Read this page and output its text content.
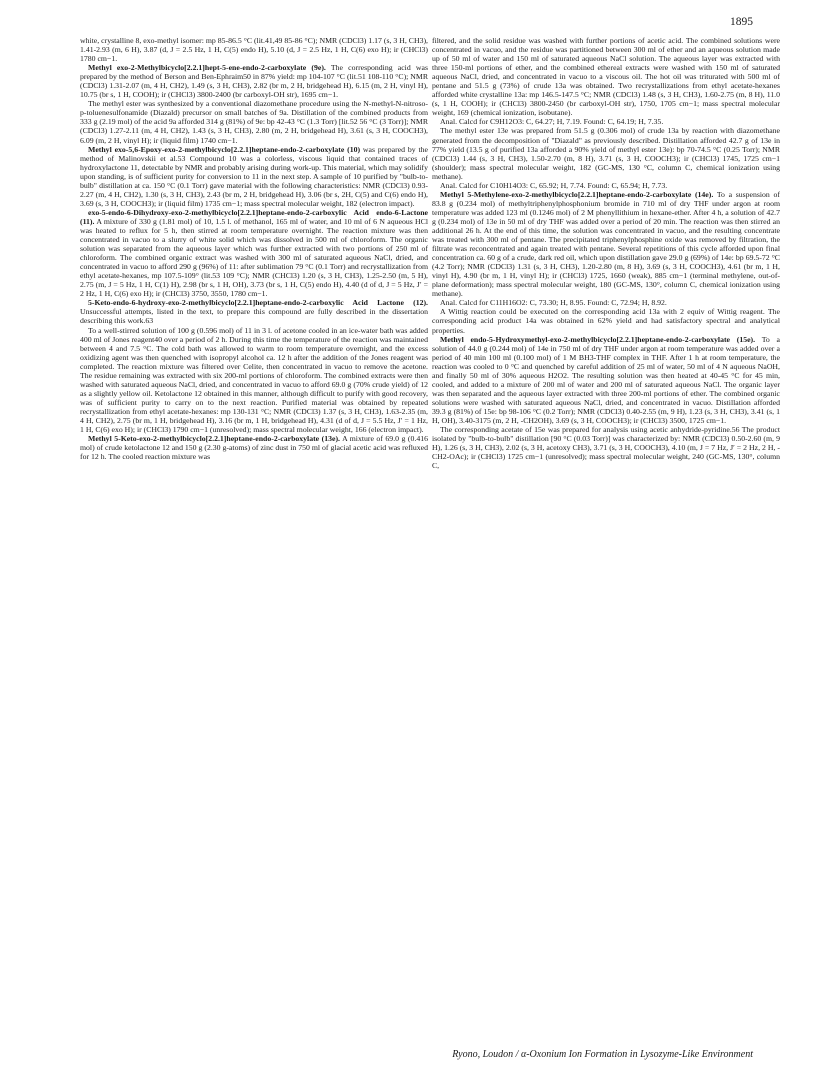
1895

white, crystalline 8, exo-methyl isomer: mp 85-86.5 °C (lit.41,49 85-86 °C); NMR (CDCl3) 1.17 (s, 3 H, CH3), 1.41-2.93 (m, 6 H), 3.87 (d, J = 2.5 Hz, 1 H, C(5) endo H), 5.10 (d, J = 2.5 Hz, 1 H, C(6) exo H); ir (CHCl3) 1780 cm−1.

Methyl exo-2-Methylbicyclo[2.2.1]hept-5-ene-endo-2-carboxylate (9e). The corresponding acid was prepared by the method of Berson and Ben-Ephraim50 in 87% yield: mp 104-107 °C (lit.51 108-110 °C); NMR (CDCl3) 1.31-2.07 (m, 4 H, CH2), 1.49 (s, 3 H, CH3), 2.82 (br m, 2 H, bridgehead H), 6.15 (m, 2 H, vinyl H), 10.75 (br s, 1 H, COOH); ir (CHCl3) 3800-2400 (br carboxyl-OH str), 1695 cm−1.

The methyl ester was synthesized by a conventional diazomethane procedure using the N-methyl-N-nitroso-p-toluenesulfonamide (Diazald) precursor on small batches of 9a. Distillation of the combined products from 333 g (2.19 mol) of the acid 9a afforded 314 g (81%) of 9e: bp 42-43 °C (1.3 Torr) [lit.52 56 °C (3 Torr)]; NMR (CDCl3) 1.27-2.11 (m, 4 H, CH2), 1.43 (s, 3 H, CH3), 2.80 (m, 2 H, bridgehead H), 3.61 (s, 3 H, COOCH3), 6.09 (m, 2 H, vinyl H); ir (liquid film) 1740 cm−1.

Methyl exo-5,6-Epoxy-exo-2-methylbicyclo[2.2.1]heptane-endo-2-carboxylate (10) was prepared by the method of Malinovskii et al.53 Compound 10 was a colorless, viscous liquid that contained traces of hydroxylactone 11, detectable by NMR and probably arising during work-up. This material, which may solidify upon standing, is of sufficient purity for conversion to 11 in the next step. A sample of 10 purified by "bulb-to-bulb" distillation at ca. 150 °C (0.1 Torr) gave material with the following characteristics: NMR (CDCl3) 0.93-2.27 (m, 4 H, CH2), 1.30 (s, 3 H, CH3), 2.43 (br m, 2 H, bridgehead H), 3.06 (br s, 2H, C(5) and C(6) endo H), 3.69 (s, 3 H, COOCH3); ir (liquid film) 1735 cm−1; mass spectral molecular weight, 182 (electron impact).

exo-5-endo-6-Dihydroxy-exo-2-methylbicyclo[2.2.1]heptane-endo-2-carboxylic Acid endo-6-Lactone (11). A mixture of 330 g (1.81 mol) of 10, 1.5 l. of methanol, 165 ml of water, and 10 ml of 6 N aqueous HCl was heated to reflux for 5 h, then stirred at room temperature overnight. The reaction mixture was then concentrated in vacuo to a slurry of white solid which was dissolved in 500 ml of chloroform. The organic solution was separated from the aqueous layer which was further extracted with two portions of 250 ml of chloroform. The combined organic extract was washed with 300 ml of saturated aqueous NaCl, dried, and concentrated in vacuo to afford 290 g (96%) of 11: after sublimation 79 °C (0.1 Torr) and recrystallization from ethyl acetate-hexanes, mp 107.5-109° (lit.53 109 °C); NMR (CHCl3) 1.20 (s, 3 H, CH3), 1.25-2.50 (m, 5 H), 2.75 (m, J = 5 Hz, 1 H, C(1) H), 2.98 (br s, 1 H, OH), 3.73 (br s, 1 H, C(5) endo H), 4.40 (d of d, J = 5 Hz, J′ = 2 Hz, 1 H, C(6) exo H); ir (CHCl3) 3750, 3550, 1780 cm−1.

5-Keto-endo-6-hydroxy-exo-2-methylbicyclo[2.2.1]heptane-endo-2-carboxylic Acid Lactone (12). Unsuccessful attempts, listed in the text, to prepare this compound are fully described in the dissertation describing this work.63

To a well-stirred solution of 100 g (0.596 mol) of 11 in 3 l. of acetone cooled in an ice-water bath was added 400 ml of Jones reagent40 over a period of 2 h. During this time the temperature of the reaction was maintained between 4 and 7.5 °C. The cold bath was allowed to warm to room temperature overnight, and the excess oxidizing agent was then quenched with isopropyl alcohol ca. 12 h after the addition of the Jones reagent was completed. The reaction mixture was filtered over Celite, then concentrated in vacuo to remove the acetone. The residue remaining was extracted with six 200-ml portions of chloroform. The combined extracts were then washed with saturated aqueous NaCl, dried, and concentrated in vacuo to afford 69.0 g (70% crude yield) of 12 as a slightly yellow oil. Ketolactone 12 obtained in this manner, although difficult to purify with good recovery, was of sufficient purity to carry on to the next reaction. Purified material was obtained by repeated recrystallization from ethyl acetate-hexanes: mp 130-131 °C; NMR (CDCl3) 1.37 (s, 3 H, CH3), 1.63-2.35 (m, 4 H, CH2), 2.75 (br m, 1 H, bridgehead H), 3.16 (br m, 1 H, bridgehead H), 4.31 (d of d, J = 5.5 Hz, J′ = 1 Hz, 1 H, C(6) exo H); ir (CHCl3) 1790 cm−1 (unresolved); mass spectral molecular weight, 166 (electron impact).

Methyl 5-Keto-exo-2-methylbicyclo[2.2.1]heptane-endo-2-carboxylate (13e). A mixture of 69.0 g (0.416 mol) of crude ketolactone 12 and 150 g (2.30 g-atoms) of zinc dust in 750 ml of glacial acetic acid was refluxed for 12 h. The cooled reaction mixture was

filtered, and the solid residue was washed with further portions of acetic acid. The combined solutions were concentrated in vacuo, and the residue was partitioned between 300 ml of ether and an aqueous solution made up of 50 ml of water and 150 ml of saturated aqueous NaCl solution. The aqueous layer was extracted with three 150-ml portions of ether, and the combined ethereal extracts were washed with 150 ml of saturated aqueous NaCl, dried, and concentrated in vacuo to a viscous oil. The hot oil was triturated with 500 ml of pentane and 51.5 g (73%) of crude 13a was obtained. Two recrystallizations from ethyl acetate-hexanes afforded white crystalline 13a: mp 146.5-147.5 °C; NMR (CDCl3) 1.48 (s, 3 H, CH3), 1.60-2.75 (m, 8 H), 11.0 (s, 1 H, COOH); ir (CHCl3) 3800-2450 (br carboxyl-OH str), 1750, 1705 cm−1; mass spectral molecular weight, 169 (chemical ionization, isobutane).

Anal. Calcd for C9H12O3: C, 64.27; H, 7.19. Found: C, 64.19; H, 7.35.

The methyl ester 13e was prepared from 51.5 g (0.306 mol) of crude 13a by reaction with diazomethane generated from the decomposition of "Diazald" as previously described. Distillation afforded 42.7 g of 13e in 77% yield (13.5 g of purified 13a afforded a 90% yield of methyl ester 13e): bp 70-74.5 °C (0.25 Torr); NMR (CDCl3) 1.44 (s, 3 H, CH3), 1.50-2.70 (m, 8 H), 3.71 (s, 3 H, COOCH3); ir (CHCl3) 1745, 1725 cm−1 (shoulder); mass spectral molecular weight, 182 (GC-MS, 130 °C, column C, chemical ionization using methane).

Anal. Calcd for C10H14O3: C, 65.92; H, 7.74. Found: C, 65.94; H, 7.73.

Methyl 5-Methylene-exo-2-methylbicyclo[2.2.1]heptane-endo-2-carboxylate (14e). To a suspension of 83.8 g (0.234 mol) of methyltriphenylphosphonium bromide in 710 ml of dry THF under argon at room temperature was added 123 ml (0.1246 mol) of 2 M phenyllithium in hexane-ether. After 4 h, a solution of 42.7 g (0.234 mol) of 13e in 50 ml of dry THF was added over a period of 20 min. The reaction was then stirred an additional 26 h. At the end of this time, the solution was concentrated in vacuo, and the resulting concentrate was treated with 300 ml of pentane. The precipitated triphenylphosphine oxide was removed by filtration, the filtrate was reconcentrated and again treated with pentane. Several repetitions of this cycle afforded upon final concentration ca. 60 g of a crude, dark red oil, which upon distillation gave 29.0 g (69%) of 14e: bp 69.5-72 °C (4.2 Torr); NMR (CDCl3) 1.31 (s, 3 H, CH3), 1.20-2.80 (m, 8 H), 3.69 (s, 3 H, COOCH3), 4.61 (br m, 1 H, vinyl H), 4.90 (br m, 1 H, vinyl H); ir (CHCl3) 1725, 1660 (weak), 885 cm−1 (terminal methylene, out-of-plane deformation); mass spectral molecular weight, 180 (GC-MS, 130°, column C, chemical ionization using methane).

Anal. Calcd for C11H16O2: C, 73.30; H, 8.95. Found: C, 72.94; H, 8.92.

A Wittig reaction could be executed on the corresponding acid 13a with 2 equiv of Wittig reagent. The corresponding acid product 14a was obtained in 62% yield and had satisfactory spectral and analytical properties.

Methyl endo-5-Hydroxymethyl-exo-2-methylbicyclo[2.2.1]heptane-endo-2-carboxylate (15e). To a solution of 44.0 g (0.244 mol) of 14e in 750 ml of dry THF under argon at room temperature was added over a period of 40 min 100 ml (0.100 mol) of 1 M BH3-THF complex in THF. After 1 h at room temperature, the reaction was cooled to 0 °C and quenched by careful addition of 25 ml of water, 50 ml of 4 N aqueous NaOH, and finally 50 ml of 30% aqueous H2O2. The resulting solution was then heated at 40-45 °C for 45 min, cooled, and added to a mixture of 200 ml of water and 200 ml of saturated aqueous NaCl. The organic layer was then separated and the aqueous layer extracted with three 200-ml portions of ether. The combined organic solutions were washed with saturated aqueous NaCl, dried, and concentrated in vacuo. Distillation afforded 39.3 g (81%) of 15e: bp 98-106 °C (0.2 Torr); NMR (CDCl3) 0.40-2.55 (m, 9 H), 1.23 (s, 3 H, CH3), 3.41 (s, 1 H, OH), 3.40-3175 (m, 2 H, -CH2OH), 3.69 (s, 3 H, COOCH3); ir (CHCl3) 3500, 1725 cm−1.

The corresponding acetate of 15e was prepared for analysis using acetic anhydride-pyridine.56 The product isolated by "bulb-to-bulb" distillation [90 °C (0.03 Torr)] was characterized by: NMR (CDCl3) 0.50-2.60 (m, 9 H), 1.26 (s, 3 H, CH3), 2.02 (s, 3 H, acetoxy CH3), 3.71 (s, 3 H, COOCH3), 4.10 (m, J = 7 Hz, J′ = 2 Hz, 2 H, -CH2-OAc); ir (CHCl3) 1725 cm−1 (unresolved); mass spectral molecular weight, 240 (GC-MS, 130°, column C,

Ryono, Loudon / α-Oxonium Ion Formation in Lysozyme-Like Environment
